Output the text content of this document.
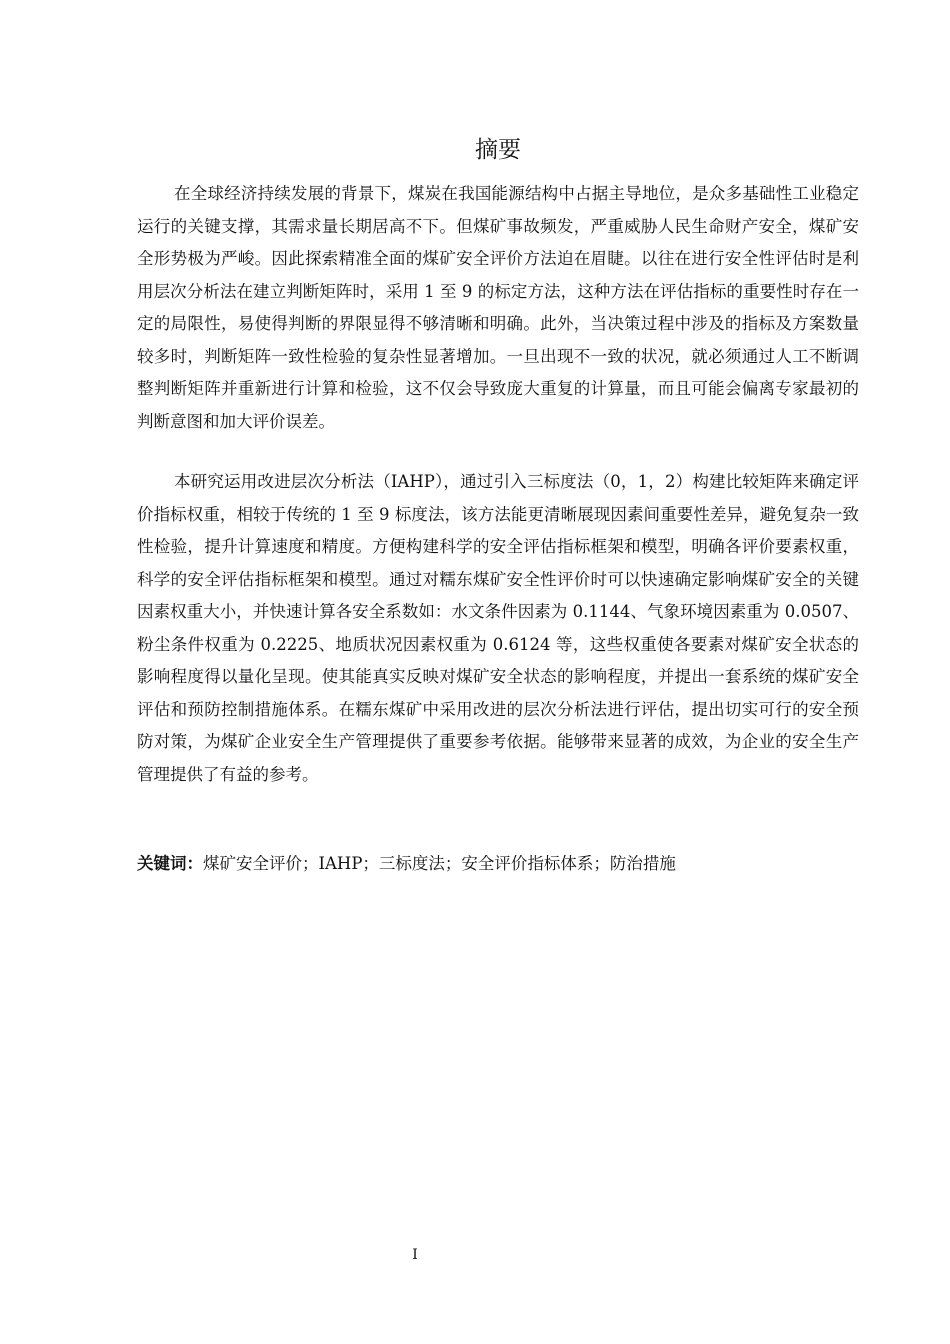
摘要

在全球经济持续发展的背景下，煤炭在我国能源结构中占据主导地位，是众多基础性工业稳定运行的关键支撑，其需求量长期居高不下。但煤矿事故频发，严重威胁人民生命财产安全，煤矿安全形势极为严峻。因此探索精准全面的煤矿安全评价方法迫在眉睫。以往在进行安全性评估时是利用层次分析法在建立判断矩阵时，采用 1 至 9 的标定方法，这种方法在评估指标的重要性时存在一定的局限性，易使得判断的界限显得不够清晰和明确。此外，当决策过程中涉及的指标及方案数量较多时，判断矩阵一致性检验的复杂性显著增加。一旦出现不一致的状况，就必须通过人工不断调整判断矩阵并重新进行计算和检验，这不仅会导致庞大重复的计算量，而且可能会偏离专家最初的判断意图和加大评价误差。

本研究运用改进层次分析法（IAHP），通过引入三标度法（0，1，2）构建比较矩阵来确定评价指标权重，相较于传统的 1 至 9 标度法，该方法能更清晰展现因素间重要性差异，避免复杂一致性检验，提升计算速度和精度。方便构建科学的安全评估指标框架和模型，明确各评价要素权重，科学的安全评估指标框架和模型。通过对糯东煤矿安全性评价时可以快速确定影响煤矿安全的关键因素权重大小，并快速计算各安全系数如：水文条件因素为 0.1144、气象环境因素重为 0.0507、粉尘条件权重为 0.2225、地质状况因素权重为 0.6124 等，这些权重使各要素对煤矿安全状态的影响程度得以量化呈现。使其能真实反映对煤矿安全状态的影响程度，并提出一套系统的煤矿安全评估和预防控制措施体系。在糯东煤矿中采用改进的层次分析法进行评估，提出切实可行的安全预防对策，为煤矿企业安全生产管理提供了重要参考依据。能够带来显著的成效，为企业的安全生产管理提供了有益的参考。

关键词：煤矿安全评价；IAHP；三标度法；安全评价指标体系；防治措施
I
